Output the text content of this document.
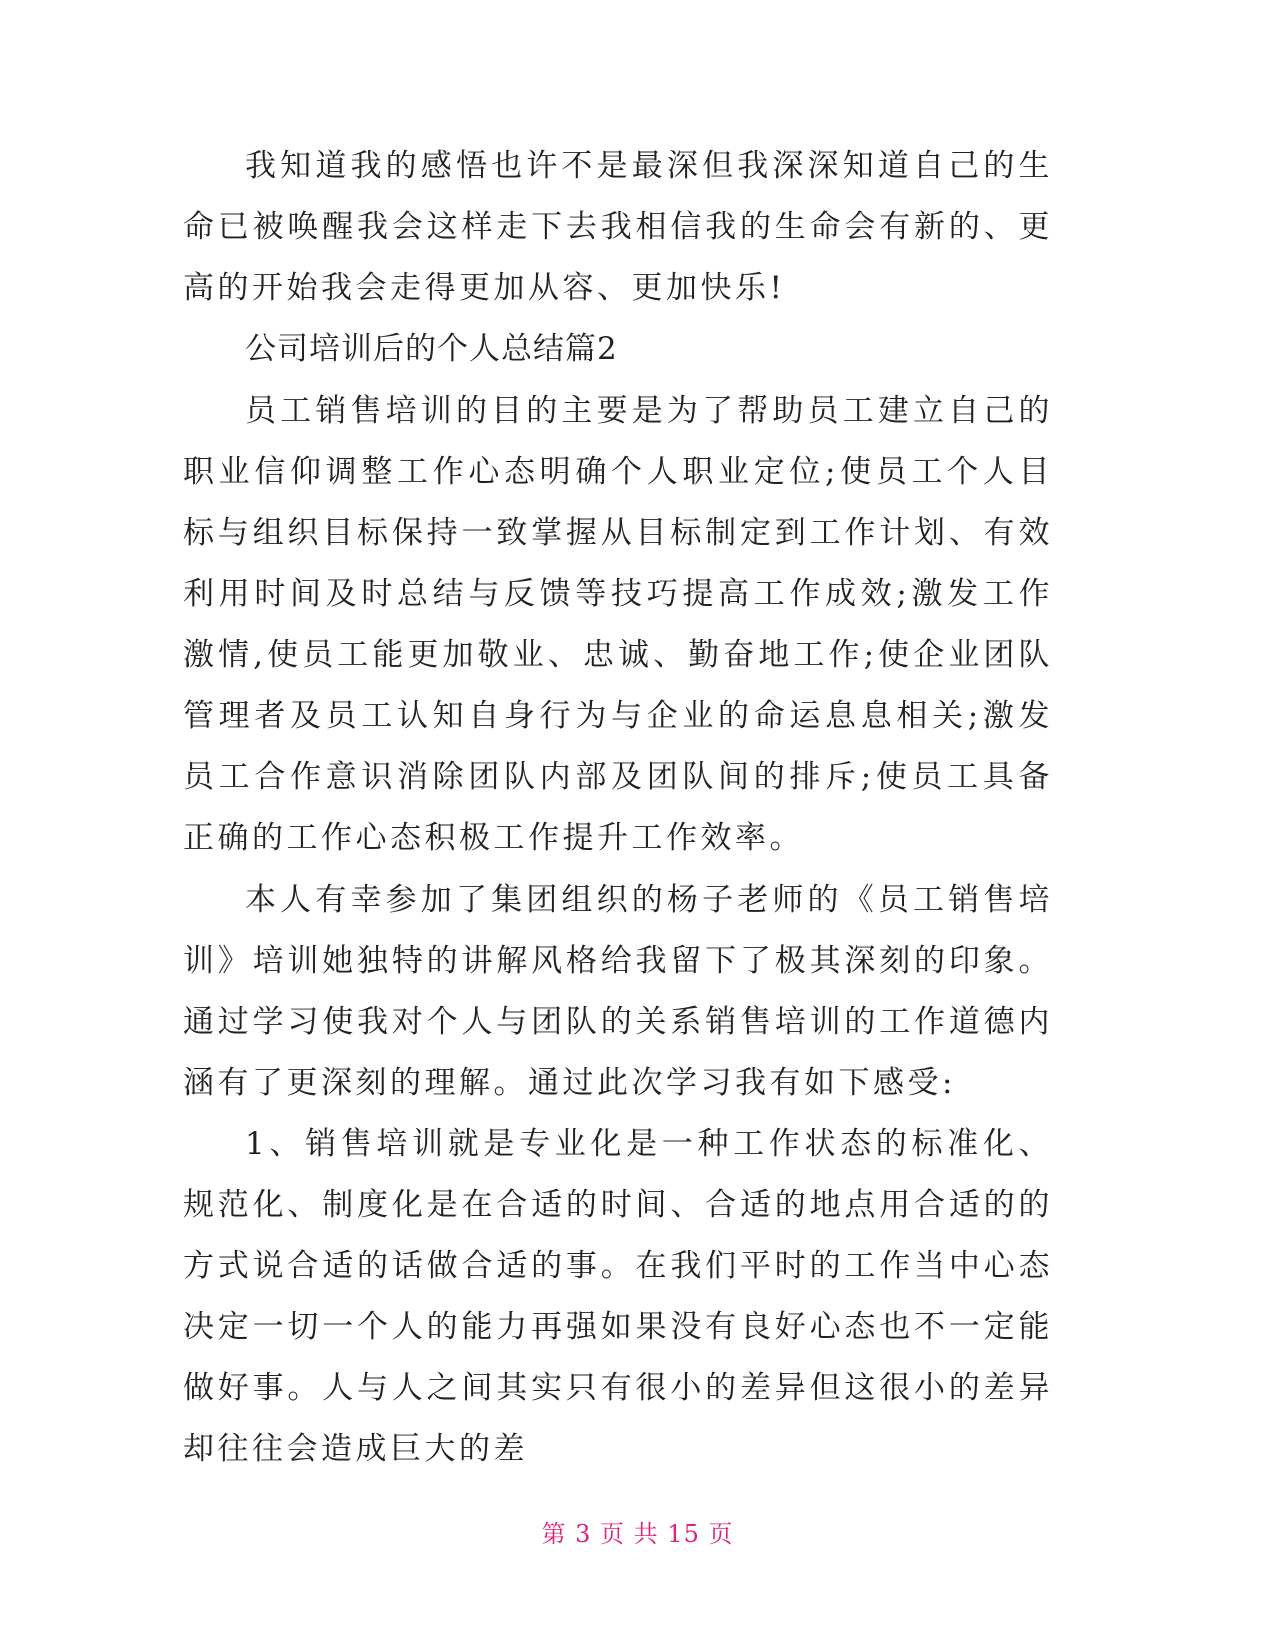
我知道我的感悟也许不是最深但我深深知道自己的生命已被唤醒我会这样走下去我相信我的生命会有新的、更高的开始我会走得更加从容、更加快乐!

公司培训后的个人总结篇2

员工销售培训的目的主要是为了帮助员工建立自己的职业信仰调整工作心态明确个人职业定位;使员工个人目标与组织目标保持一致掌握从目标制定到工作计划、有效利用时间及时总结与反馈等技巧提高工作成效;激发工作激情,使员工能更加敬业、忠诚、勤奋地工作;使企业团队管理者及员工认知自身行为与企业的命运息息相关;激发员工合作意识消除团队内部及团队间的排斥;使员工具备正确的工作心态积极工作提升工作效率。

本人有幸参加了集团组织的杨子老师的《员工销售培训》培训她独特的讲解风格给我留下了极其深刻的印象。通过学习使我对个人与团队的关系销售培训的工作道德内涵有了更深刻的理解。通过此次学习我有如下感受:

1、销售培训就是专业化是一种工作状态的标准化、规范化、制度化是在合适的时间、合适的地点用合适的的方式说合适的话做合适的事。在我们平时的工作当中心态决定一切一个人的能力再强如果没有良好心态也不一定能做好事。人与人之间其实只有很小的差异但这很小的差异却往往会造成巨大的差

第 3 页 共 15 页
